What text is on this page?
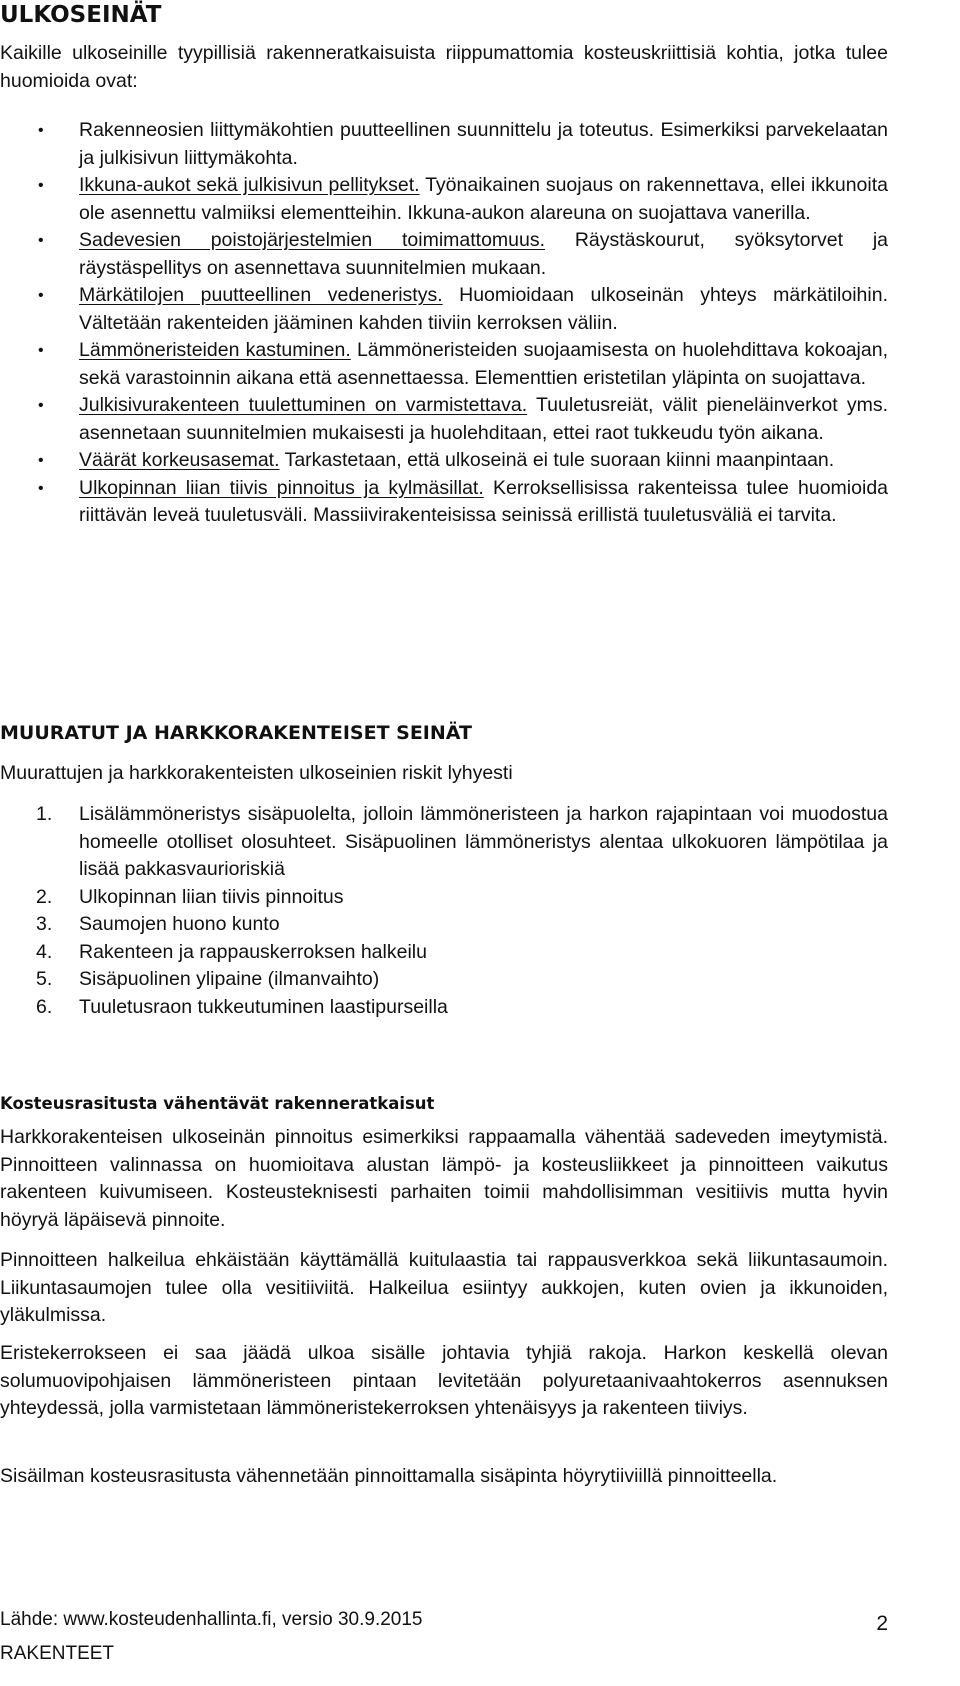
ULKOSEINÄT
Kaikille ulkoseinille tyypillisiä rakenneratkaisuista riippumattomia kosteuskriittisiä kohtia, jotka tulee huomioida ovat:
• Rakenneosien liittymäkohtien puutteellinen suunnittelu ja toteutus. Esimerkiksi parvekelaatan ja julkisivun liittymäkohta.
• Ikkuna-aukot sekä julkisivun pellitykset. Työnaikainen suojaus on rakennettava, ellei ikkunoita ole asennettu valmiiksi elementteihin. Ikkuna-aukon alareuna on suojattava vanerilla.
• Sadevesien poistojärjestelmien toimimattomuus. Räystäskourut, syöksytorvet ja räystäspellitys on asennettava suunnitelmien mukaan.
• Märkätilojen puutteellinen vedeneristys. Huomioidaan ulkoseinän yhteys märkätiloihin. Vältetään rakenteiden jääminen kahden tiiviin kerroksen väliin.
• Lämmöneristeiden kastuminen. Lämmöneristeiden suojaamisesta on huolehdittava kokoajan, sekä varastoinnin aikana että asennettaessa. Elementtien eristetilan yläpinta on suojattava.
• Julkisivurakenteen tuulettuminen on varmistettava. Tuuletusreiät, välit pieneläinverkot yms. asennetaan suunnitelmien mukaisesti ja huolehditaan, ettei raot tukkeudu työn aikana.
• Väärät korkeusasemat. Tarkastetaan, että ulkoseinä ei tule suoraan kiinni maanpintaan.
• Ulkopinnan liian tiivis pinnoitus ja kylmäsillat. Kerroksellisissa rakenteissa tulee huomioida riittävän leveä tuuletusväli. Massiivirakenteisissa seinissä erillistä tuuletusväliä ei tarvita.
MUURATUT JA HARKKORAKENTEISET SEINÄT
Muurattujen ja harkkorakenteisten ulkoseinien riskit lyhyesti
1. Lisälämmöneristys sisäpuolelta, jolloin lämmöneristeen ja harkon rajapintaan voi muodostua homeelle otolliset olosuhteet. Sisäpuolinen lämmöneristys alentaa ulkokuoren lämpötilaa ja lisää pakkasvaurioriskiä
2. Ulkopinnan liian tiivis pinnoitus
3. Saumojen huono kunto
4. Rakenteen ja rappauskerroksen halkeilu
5. Sisäpuolinen ylipaine (ilmanvaihto)
6. Tuuletusraon tukkeutuminen laastipurseilla
Kosteusrasitusta vähentävät rakenneratkaisut
Harkkorakenteisen ulkoseinän pinnoitus esimerkiksi rappaamalla vähentää sadeveden imeytymistä. Pinnoitteen valinnassa on huomioitava alustan lämpö- ja kosteusliikkeet ja pinnoitteen vaikutus rakenteen kuivumiseen. Kosteusteknisesti parhaiten toimii mahdollisimman vesitiivis mutta hyvin höyryä läpäisevä pinnoite.
Pinnoitteen halkeilua ehkäistään käyttämällä kuitulaastia tai rappausverkkoa sekä liikuntasaumoin. Liikuntasaumojen tulee olla vesitiiviitä. Halkeilua esiintyy aukkojen, kuten ovien ja ikkunoiden, yläkulmissa.
Eristekerrokseen ei saa jäädä ulkoa sisälle johtavia tyhjiä rakoja. Harkon keskellä olevan solumuovipohjaisen lämmöneristeen pintaan levitetään polyuretaanivaahtokerros asennuksen yhteydessä, jolla varmistetaan lämmöneristekerroksen yhtenäisyys ja rakenteen tiiviys.
Sisäilman kosteusrasitusta vähennetään pinnoittamalla sisäpinta höyrytiiviillä pinnoitteella.
Lähde: www.kosteudenhallinta.fi, versio 30.9.2015	2
RAKENTEET
